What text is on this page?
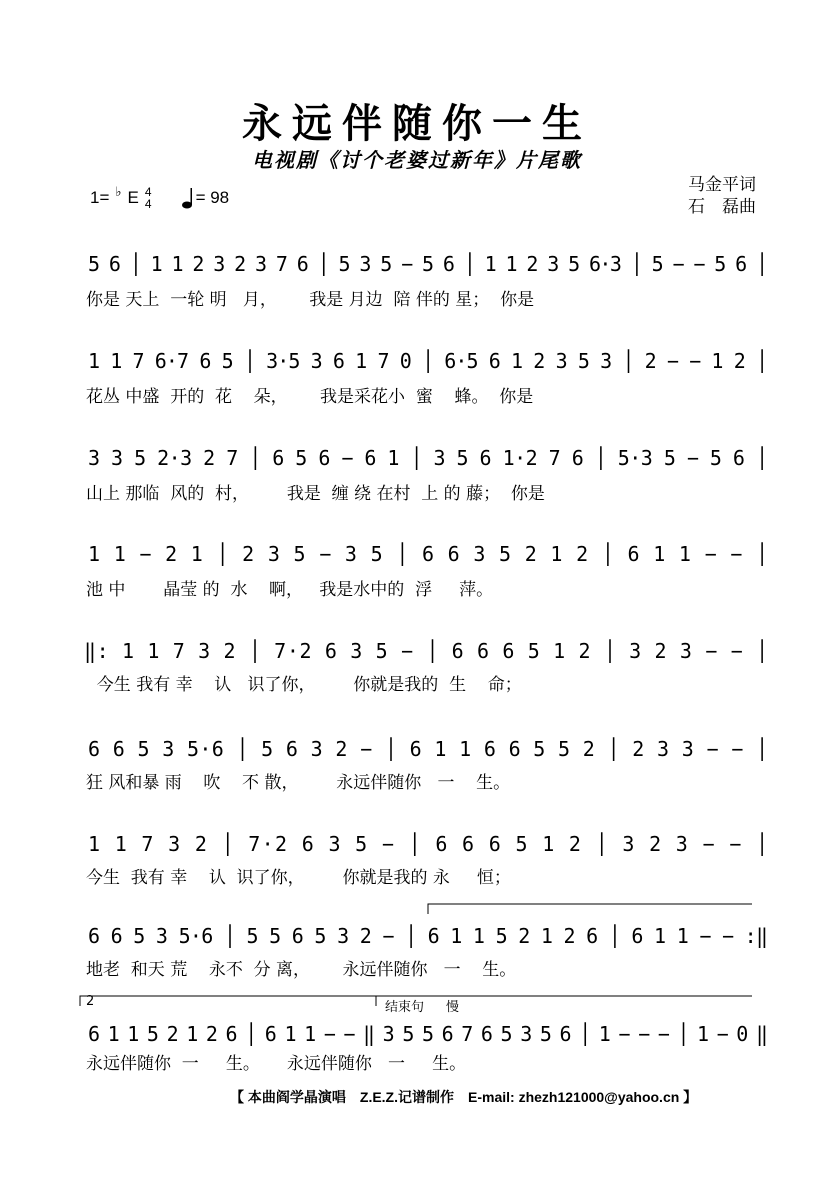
永远伴随你一生
电视剧《讨个老婆过新年》片尾歌
马金平词
石　磊曲
1= ♭ E 4
4	= 98
5 6 │ 1 1 2 3 2 3 7 6 │ 5 3 5 − 5 6 │ 1 1 2 3 5 6·3 │ 5 − − 5 6 │
你是 天上  一轮 明   月，      我是 月边  陪 伴的 星；  你是
1 1 7 6·7 6 5 │ 3·5 3 6 1 7 0 │ 6·5 6 1 2 3 5 3 │ 2 − − 1 2 │
花丛 中盛  开的  花    朵，      我是采花小  蜜    蜂。  你是
3 3 5 2·3 2 7 │ 6 5 6 − 6 1 │ 3 5 6 1·2 7 6 │ 5·3 5 − 5 6 │
山上 那临  风的  村，       我是  缠 绕 在村  上 的 藤；  你是
1 1 − 2 1 │ 2 3 5 − 3 5 │ 6 6 3 5 2 1 2 │ 6 1 1 − − │
池 中       晶莹 的  水    啊，   我是水中的  浮     萍。
‖: 1 1 7 3 2 │ 7·2 6 3 5 − │ 6 6 6 5 1 2 │ 3 2 3 − − │
今生 我有 幸    认   识了你，       你就是我的  生    命；
6 6 5 3 5·6 │ 5 6 3 2 − │ 6 1 1 6 6 5 5 2 │ 2 3 3 − − │
狂 风和暴 雨    吹    不 散，       永远伴随你   一    生。
1 1 7 3 2 │ 7·2 6 3 5 − │ 6 6 6 5 1 2 │ 3 2 3 − − │
今生  我有 幸    认  识了你，       你就是我的 永     恒；
6 6 5 3 5·6 │ 5 5 6 5 3 2 − │ 6 1 1 5 2 1 2 6 │ 6 1 1 − − :‖
地老  和天 荒    永不  分 离，      永远伴随你   一    生。
2	结束句 慢
6 1 1 5 2 1 2 6 │ 6 1 1 − − ‖ 3 5 5 6 7 6 5 3 5 6 │ 1 − − − │ 1 − 0 ‖
永远伴随你  一     生。     永远伴随你   一     生。
【 本曲阎学晶演唱　Z.E.Z.记谱制作　E-mail: zhezh121000@yahoo.cn 】
